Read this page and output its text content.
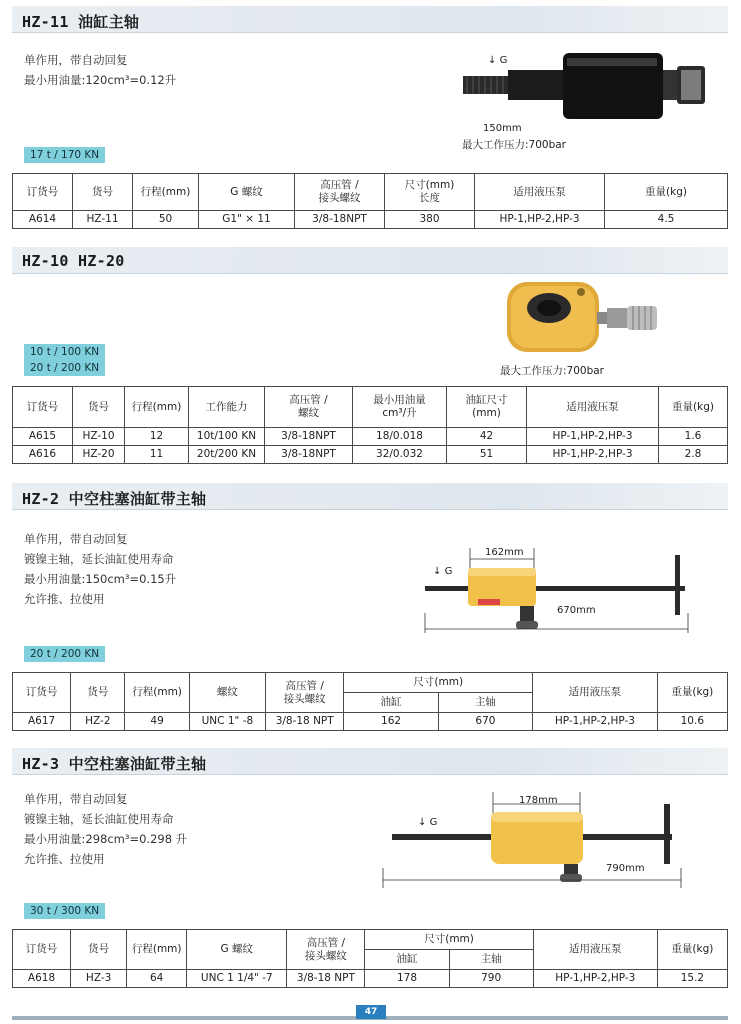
HZ-11 油缸主轴
单作用，带自动回复
最小用油量:120cm³=0.12升
↓ G
150mm
最大工作压力:700bar
17 t / 170 KN
订货号	货号	行程(mm)	G 螺纹	高压管 /
接头螺纹	尺寸(mm)
长度	适用液压泵	重量(kg)
A614	HZ-11	50	G1" × 11	3/8-18NPT	380	HP-1,HP-2,HP-3	4.5
HZ-10 HZ-20
最大工作压力:700bar
10 t / 100 KN
20 t / 200 KN
订货号	货号	行程(mm)	工作能力	高压管 /
螺纹	最小用油量
cm³/升	油缸尺寸
(mm)	适用液压泵	重量(kg)
A615	HZ-10	12	10t/100 KN	3/8-18NPT	18/0.018	42	HP-1,HP-2,HP-3	1.6
A616	HZ-20	11	20t/200 KN	3/8-18NPT	32/0.032	51	HP-1,HP-2,HP-3	2.8
HZ-2 中空柱塞油缸带主轴
单作用，带自动回复
镀镍主轴，延长油缸使用寿命
最小用油量:150cm³=0.15升
允许推、拉使用
↓ G
162mm
670mm
20 t / 200 KN
订货号	货号	行程(mm)	螺纹	高压管 /
接头螺纹	尺寸(mm)		适用液压泵	重量(kg)
					油缸	主轴		
A617	HZ-2	49	UNC 1" -8	3/8-18 NPT	162	670	HP-1,HP-2,HP-3	10.6
HZ-3 中空柱塞油缸带主轴
单作用，带自动回复
镀镍主轴，延长油缸使用寿命
最小用油量:298cm³=0.298 升
允许推、拉使用
↓ G
178mm
790mm
30 t / 300 KN
订货号	货号	行程(mm)	G 螺纹	高压管 /
接头螺纹	尺寸(mm)		适用液压泵	重量(kg)
					油缸	主轴		
A618	HZ-3	64	UNC 1 1/4" -7	3/8-18 NPT	178	790	HP-1,HP-2,HP-3	15.2
47
